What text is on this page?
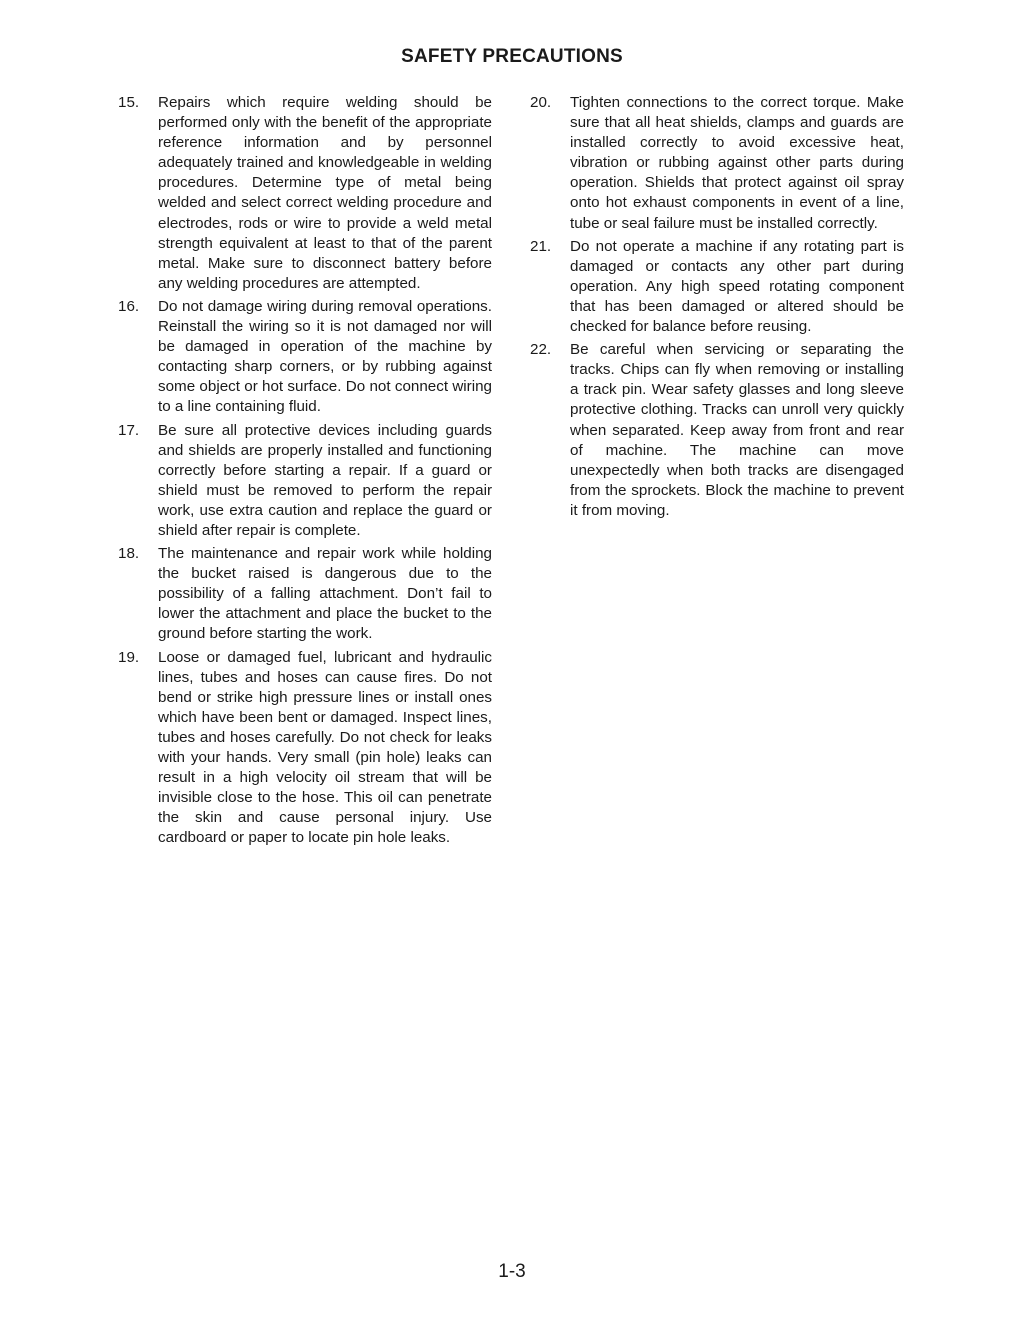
SAFETY PRECAUTIONS
15.	Repairs which require welding should be performed only with the benefit of the appropriate reference information and by personnel adequately trained and knowledgeable in welding procedures. Determine type of metal being welded and select correct welding procedure and electrodes, rods or wire to provide a weld metal strength equivalent at least to that of the parent metal. Make sure to disconnect battery before any welding procedures are attempted.
16.	Do not damage wiring during removal operations. Reinstall the wiring so it is not damaged nor will be damaged in operation of the machine by contacting sharp corners, or by rubbing against some object or hot surface. Do not connect wiring to a line containing fluid.
17.	Be sure all protective devices including guards and shields are properly installed and functioning correctly before starting a repair. If a guard or shield must be removed to perform the repair work, use extra caution and replace the guard or shield after repair is complete.
18.	The maintenance and repair work while holding the bucket raised is dangerous due to the possibility of a falling attachment. Don’t fail to lower the attachment and place the bucket to the ground before starting the work.
19.	Loose or damaged fuel, lubricant and hydraulic lines, tubes and hoses can cause fires. Do not bend or strike high pressure lines or install ones which have been bent or damaged. Inspect lines, tubes and hoses carefully. Do not check for leaks with your hands. Very small (pin hole) leaks can result in a high velocity oil stream that will be invisible close to the hose. This oil can penetrate the skin and cause personal injury. Use cardboard or paper to locate pin hole leaks.
20.	Tighten connections to the correct torque. Make sure that all heat shields, clamps and guards are installed correctly to avoid excessive heat, vibration or rubbing against other parts during operation. Shields that protect against oil spray onto hot exhaust components in event of a line, tube or seal failure must be installed correctly.
21.	Do not operate a machine if any rotating part is damaged or contacts any other part during operation. Any high speed rotating component that has been damaged or altered should be checked for balance before reusing.
22.	Be careful when servicing or separating the tracks. Chips can fly when removing or installing a track pin. Wear safety glasses and long sleeve protective clothing. Tracks can unroll very quickly when separated. Keep away from front and rear of machine. The machine can move unexpectedly when both tracks are disengaged from the sprockets. Block the machine to prevent it from moving.
1-3
